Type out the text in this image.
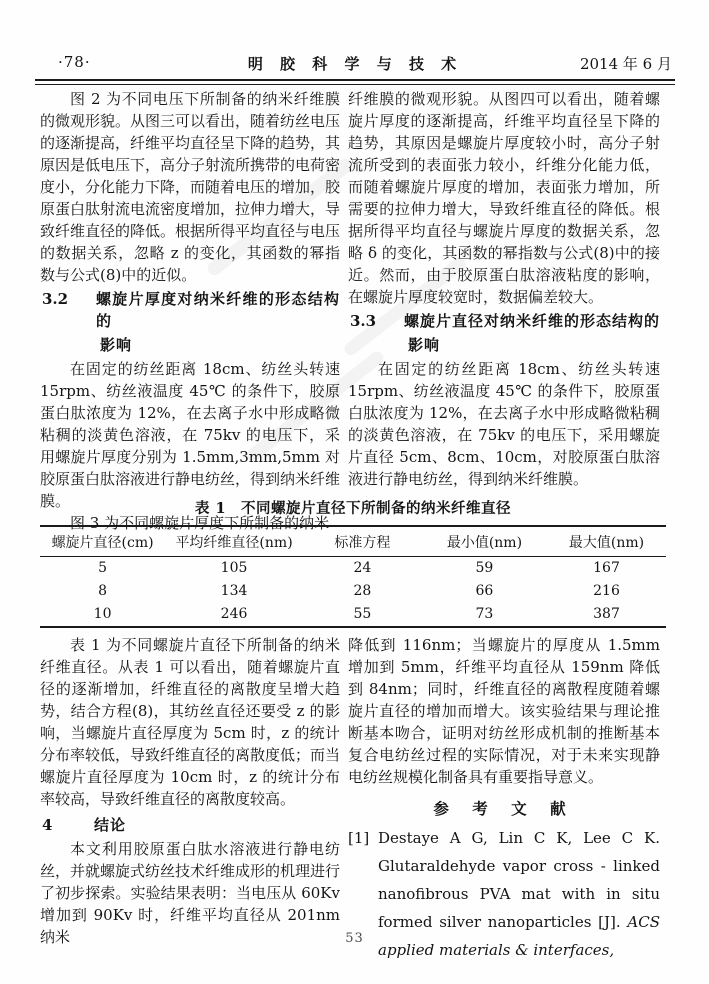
·78·	明 胶 科 学 与 技 术	2014 年 6 月

图 2 为不同电压下所制备的纳米纤维膜的微观形貌。从图三可以看出，随着纺丝电压的逐渐提高，纤维平均直径呈下降的趋势，其原因是低电压下，高分子射流所携带的电荷密度小，分化能力下降，而随着电压的增加，胶原蛋白肽射流电流密度增加，拉伸力增大，导致纤维直径的降低。根据所得平均直径与电压的数据关系，忽略 z 的变化，其函数的幂指数与公式(8)中的近似。

3.2 螺旋片厚度对纳米纤维的形态结构的
影响

在固定的纺丝距离 18cm、纺丝头转速 15rpm、纺丝液温度 45℃ 的条件下，胶原蛋白肽浓度为 12%，在去离子水中形成略微粘稠的淡黄色溶液，在 75kv 的电压下，采用螺旋片厚度分别为 1.5mm,3mm,5mm 对胶原蛋白肽溶液进行静电纺丝，得到纳米纤维膜。

图 3 为不同螺旋片厚度下所制备的纳米

纤维膜的微观形貌。从图四可以看出，随着螺旋片厚度的逐渐提高，纤维平均直径呈下降的趋势，其原因是螺旋片厚度较小时，高分子射流所受到的表面张力较小，纤维分化能力低，而随着螺旋片厚度的增加，表面张力增加，所需要的拉伸力增大，导致纤维直径的降低。根据所得平均直径与螺旋片厚度的数据关系，忽略 δ 的变化，其函数的幂指数与公式(8)中的接近。然而，由于胶原蛋白肽溶液粘度的影响，在螺旋片厚度较宽时，数据偏差较大。

3.3 螺旋片直径对纳米纤维的形态结构的
影响

在固定的纺丝距离 18cm、纺丝头转速 15rpm、纺丝液温度 45℃ 的条件下，胶原蛋白肽浓度为 12%，在去离子水中形成略微粘稠的淡黄色溶液，在 75kv 的电压下，采用螺旋片直径 5cm、8cm、10cm，对胶原蛋白肽溶液进行静电纺丝，得到纳米纤维膜。

表 1　不同螺旋片直径下所制备的纳米纤维直径
螺旋片直径(cm)	平均纤维直径(nm)	标准方程	最小值(nm)	最大值(nm)
5	105	24	59	167
8	134	28	66	216
10	246	55	73	387

表 1 为不同螺旋片直径下所制备的纳米纤维直径。从表 1 可以看出，随着螺旋片直径的逐渐增加，纤维直径的离散度呈增大趋势，结合方程(8)，其纺丝直径还要受 z 的影响，当螺旋片直径厚度为 5cm 时，z 的统计分布率较低，导致纤维直径的离散度低；而当螺旋片直径厚度为 10cm 时，z 的统计分布率较高，导致纤维直径的离散度较高。

4	结论

本文利用胶原蛋白肽水溶液进行静电纺丝，并就螺旋式纺丝技术纤维成形的机理进行了初步探索。实验结果表明：当电压从 60Kv 增加到 90Kv 时，纤维平均直径从 201nm 纳米

降低到 116nm；当螺旋片的厚度从 1.5mm 增加到 5mm，纤维平均直径从 159nm 降低到 84nm；同时，纤维直径的离散程度随着螺旋片直径的增加而增大。该实验结果与理论推断基本吻合，证明对纺丝形成机制的推断基本复合电纺丝过程的实际情况，对于未来实现静电纺丝规模化制备具有重要指导意义。

参 考 文 献
[1] Destaye A G, Lin C K, Lee C K. Glutaraldehyde vapor cross - linked nanofibrous PVA mat with in situ formed silver nanoparticles [J]. ACS applied materials & interfaces,
53
